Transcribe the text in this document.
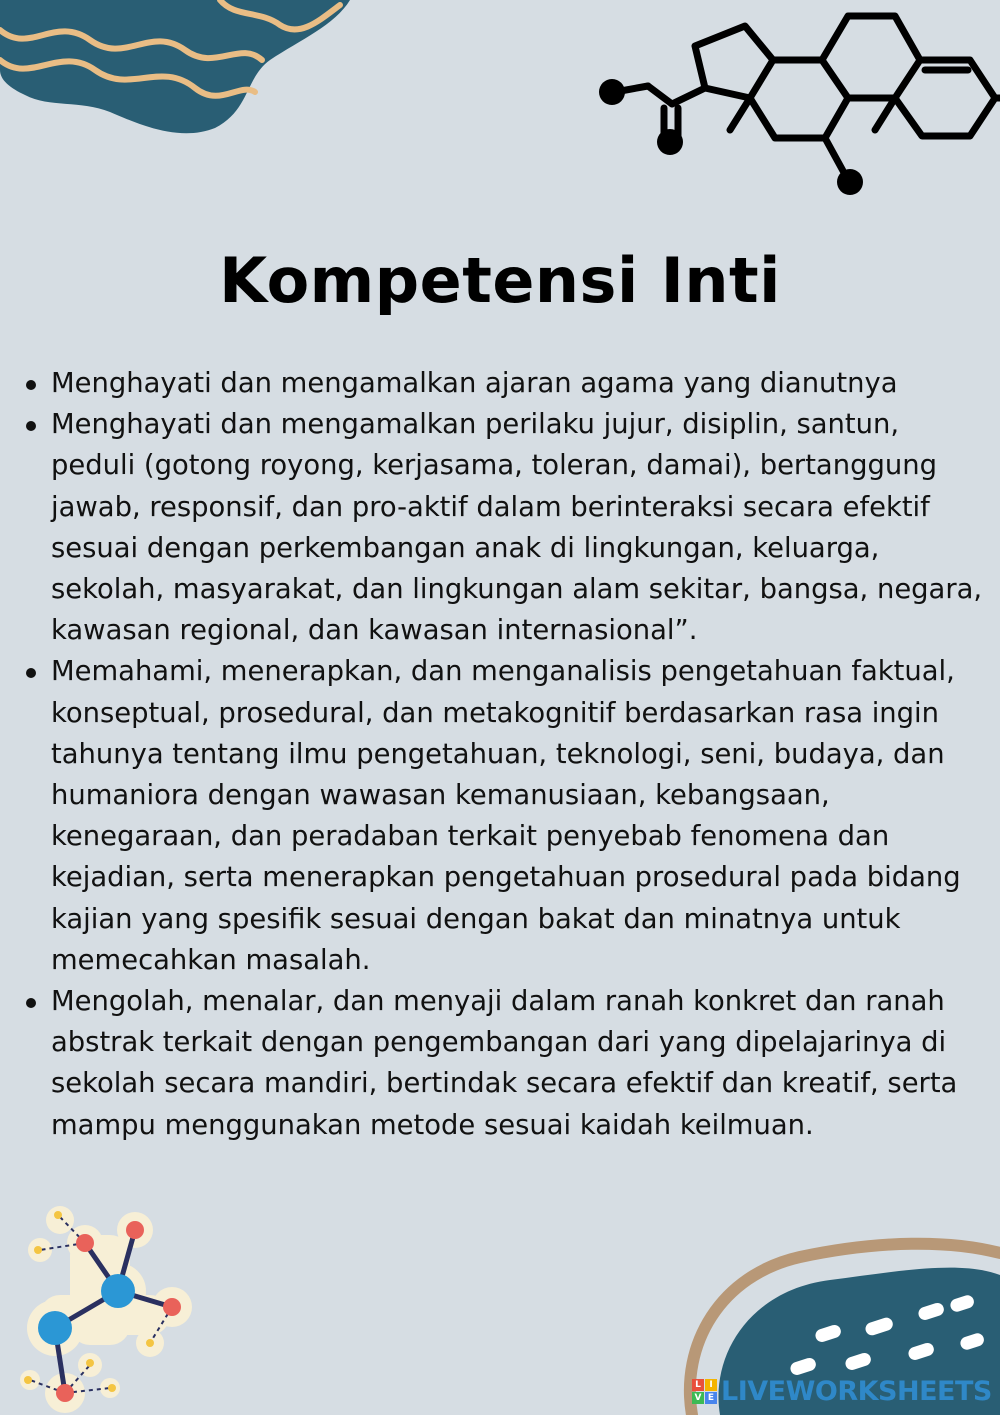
Kompetensi Inti
Menghayati dan mengamalkan ajaran agama yang dianutnya
Menghayati dan mengamalkan perilaku jujur, disiplin, santun, peduli (gotong royong, kerjasama, toleran, damai), bertanggung jawab, responsif, dan pro-aktif dalam berinteraksi secara efektif sesuai dengan perkembangan anak di lingkungan, keluarga, sekolah, masyarakat, dan lingkungan alam sekitar, bangsa, negara, kawasan regional, dan kawasan internasional”.
Memahami, menerapkan, dan menganalisis pengetahuan faktual, konseptual, prosedural, dan metakognitif berdasarkan rasa ingin tahunya tentang ilmu pengetahuan, teknologi, seni, budaya, dan humaniora dengan wawasan kemanusiaan, kebangsaan, kenegaraan, dan peradaban terkait penyebab fenomena dan kejadian, serta menerapkan pengetahuan prosedural pada bidang kajian yang spesifik sesuai dengan bakat dan minatnya untuk memecahkan masalah.
Mengolah, menalar, dan menyaji dalam ranah konkret dan ranah abstrak terkait dengan pengembangan dari yang dipelajarinya di sekolah secara mandiri, bertindak secara efektif dan kreatif, serta mampu menggunakan metode sesuai kaidah keilmuan.
L I
V E LIVEWORKSHEETS
